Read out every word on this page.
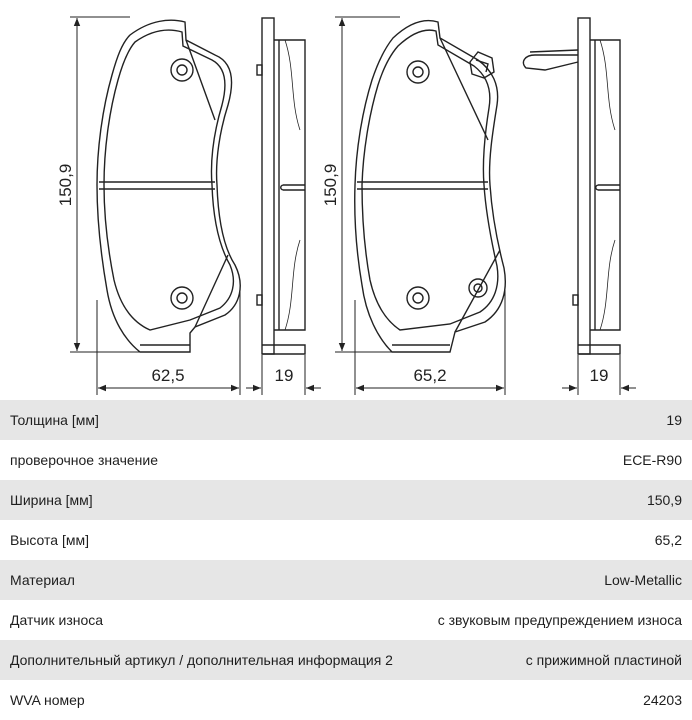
150,9
62,5	19
150,9
65,2	19
Толщина [мм]	19
проверочное значение	ECE-R90
Ширина [мм]	150,9
Высота [мм]	65,2
Материал	Low-Metallic
Датчик износа	с звуковым предупреждением износа
Дополнительный артикул / дополнительная информация 2	с прижимной пластиной
WVA номер	24203
